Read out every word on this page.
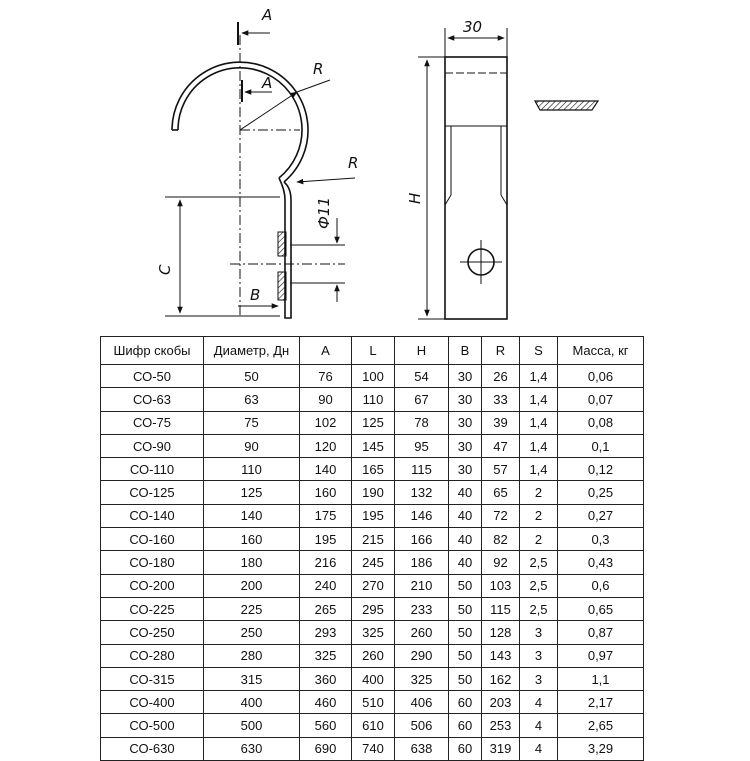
A
A
R
R
C
B
Ф11
30
H
Шифр скобы	Диаметр, Дн	A	L	H	B	R	S	Масса, кг
СО-50	50	76	100	54	30	26	1,4	0,06
СО-63	63	90	110	67	30	33	1,4	0,07
СО-75	75	102	125	78	30	39	1,4	0,08
СО-90	90	120	145	95	30	47	1,4	0,1
СО-110	110	140	165	115	30	57	1,4	0,12
СО-125	125	160	190	132	40	65	2	0,25
СО-140	140	175	195	146	40	72	2	0,27
СО-160	160	195	215	166	40	82	2	0,3
СО-180	180	216	245	186	40	92	2,5	0,43
СО-200	200	240	270	210	50	103	2,5	0,6
СО-225	225	265	295	233	50	115	2,5	0,65
СО-250	250	293	325	260	50	128	3	0,87
СО-280	280	325	260	290	50	143	3	0,97
СО-315	315	360	400	325	50	162	3	1,1
СО-400	400	460	510	406	60	203	4	2,17
СО-500	500	560	610	506	60	253	4	2,65
СО-630	630	690	740	638	60	319	4	3,29
